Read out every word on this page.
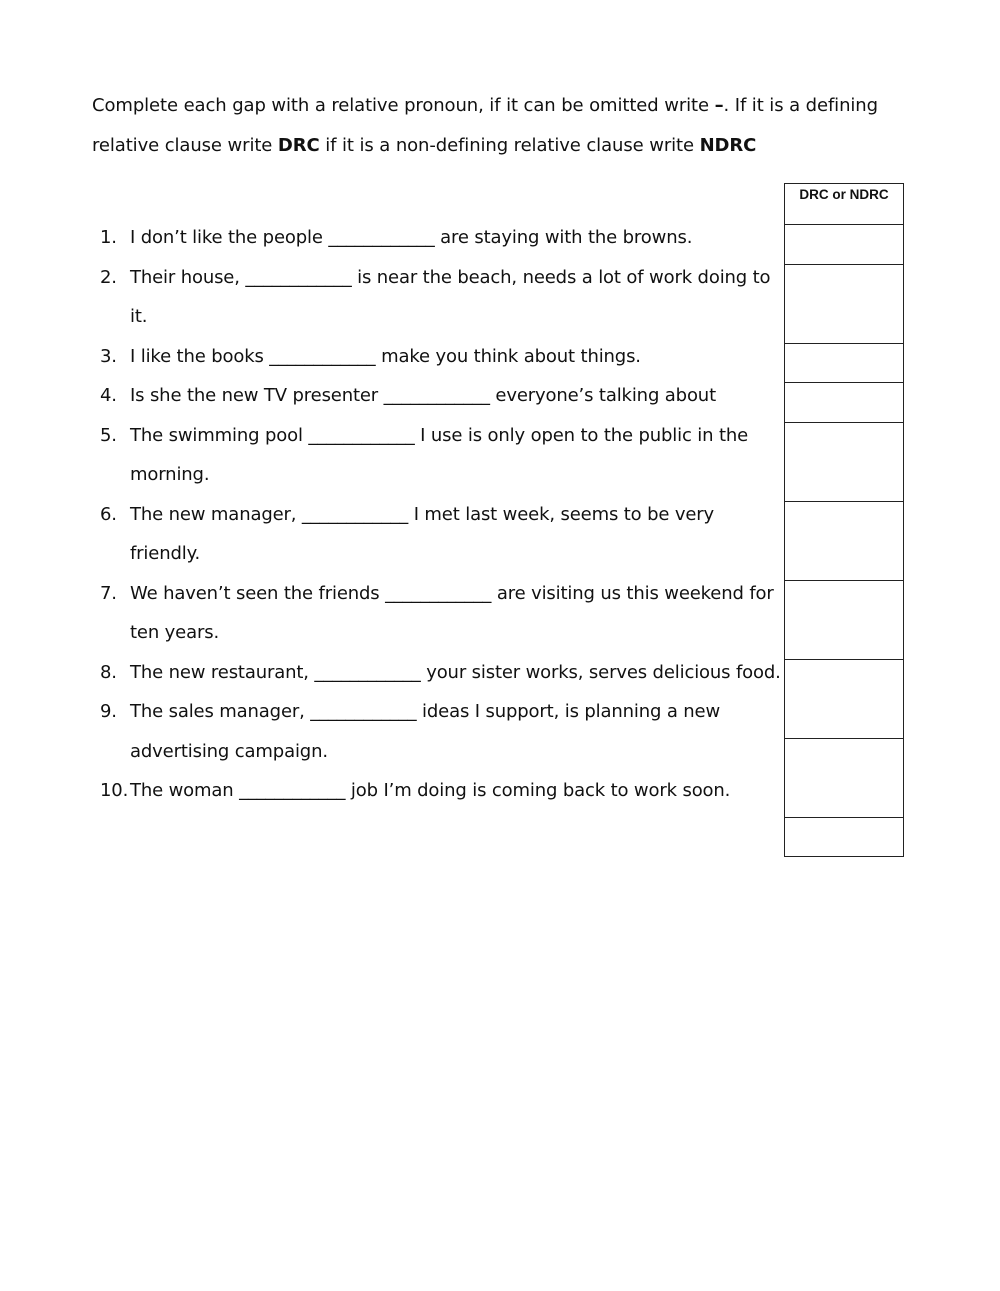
Complete each gap with a relative pronoun, if it can be omitted write –. If it is a defining relative clause write DRC if it is a non-defining relative clause write NDRC
DRC or NDRC

1. I don’t like the people ____________ are staying with the browns.
2. Their house, ____________ is near the beach, needs a lot of work doing to it.
3. I like the books ____________ make you think about things.
4. Is she the new TV presenter ____________ everyone’s talking about
5. The swimming pool ____________ I use is only open to the public in the morning.
6. The new manager, ____________ I met last week, seems to be very friendly.
7. We haven’t seen the friends ____________ are visiting us this weekend for ten years.
8. The new restaurant, ____________ your sister works, serves delicious food.
9. The sales manager, ____________ ideas I support, is planning a new advertising campaign.
10. The woman ____________ job I’m doing is coming back to work soon.
